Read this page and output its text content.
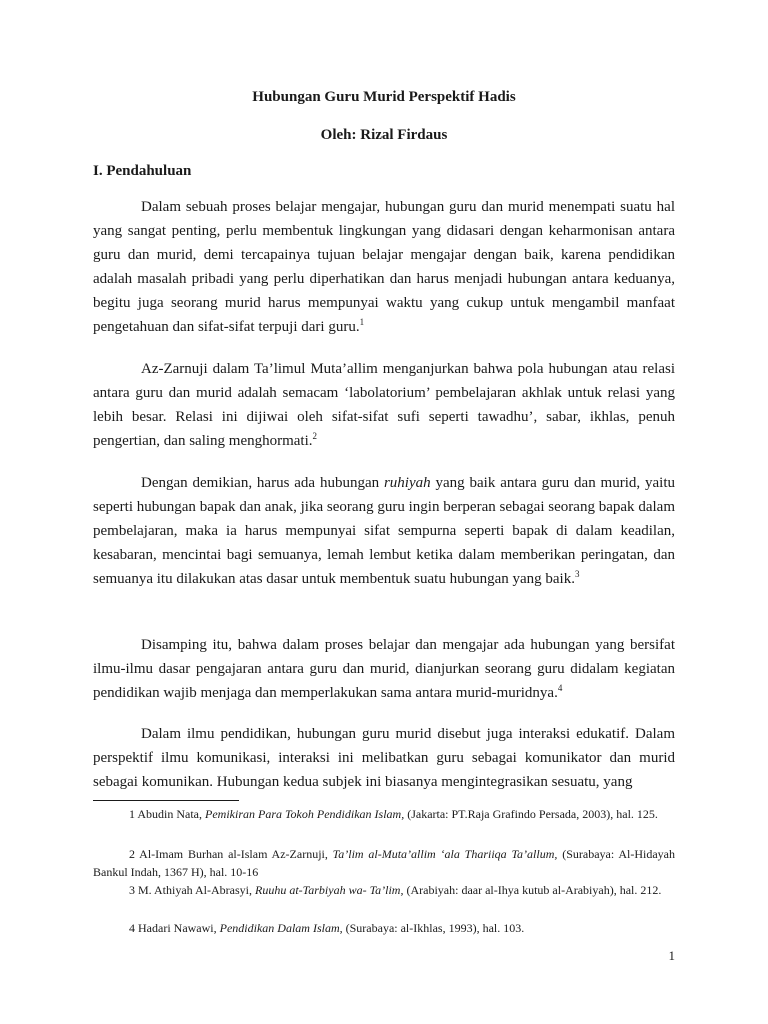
Hubungan Guru Murid Perspektif Hadis
Oleh: Rizal Firdaus
I. Pendahuluan

Dalam sebuah proses belajar mengajar, hubungan guru dan murid menempati suatu hal yang sangat penting, perlu membentuk lingkungan yang didasari dengan keharmonisan antara guru dan murid, demi tercapainya tujuan belajar mengajar dengan baik, karena pendidikan adalah masalah pribadi yang perlu diperhatikan dan harus menjadi hubungan antara keduanya, begitu juga seorang murid harus mempunyai waktu yang cukup untuk mengambil manfaat pengetahuan dan sifat-sifat terpuji dari guru.$^1$

Az-Zarnuji dalam Ta’limul Muta’allim menganjurkan bahwa pola hubungan atau relasi antara guru dan murid adalah semacam ‘labolatorium’ pembelajaran akhlak untuk relasi yang lebih besar. Relasi ini dijiwai oleh sifat-sifat sufi seperti tawadhu’, sabar, ikhlas, penuh pengertian, dan saling menghormati.$^2$

Dengan demikian, harus ada hubungan ruhiyah yang baik antara guru dan murid, yaitu seperti hubungan bapak dan anak, jika seorang guru ingin berperan sebagai seorang bapak dalam pembelajaran, maka ia harus mempunyai sifat sempurna seperti bapak di dalam keadilan, kesabaran, mencintai bagi semuanya, lemah lembut ketika dalam memberikan peringatan, dan semuanya itu dilakukan atas dasar untuk membentuk suatu hubungan yang baik.$^3$

Disamping itu, bahwa dalam proses belajar dan mengajar ada hubungan yang bersifat ilmu-ilmu dasar pengajaran antara guru dan murid, dianjurkan seorang guru didalam kegiatan pendidikan wajib menjaga dan memperlakukan sama antara murid-muridnya.$^4$

Dalam ilmu pendidikan, hubungan guru murid disebut juga interaksi edukatif. Dalam perspektif ilmu komunikasi, interaksi ini melibatkan guru sebagai komunikator dan murid sebagai komunikan. Hubungan kedua subjek ini biasanya mengintegrasikan sesuatu, yang

1 Abudin Nata, Pemikiran Para Tokoh Pendidikan Islam, (Jakarta: PT.Raja Grafindo Persada, 2003), hal. 125.

2 Al-Imam Burhan al-Islam Az-Zarnuji, Ta’lim al-Muta’allim ‘ala Thariiqa Ta’allum, (Surabaya: Al-Hidayah Bankul Indah, 1367 H), hal. 10-16

3 M. Athiyah Al-Abrasyi, Ruuhu at-Tarbiyah wa- Ta’lim, (Arabiyah: daar al-Ihya kutub al-Arabiyah), hal. 212.

4 Hadari Nawawi, Pendidikan Dalam Islam, (Surabaya: al-Ikhlas, 1993), hal. 103.

1
